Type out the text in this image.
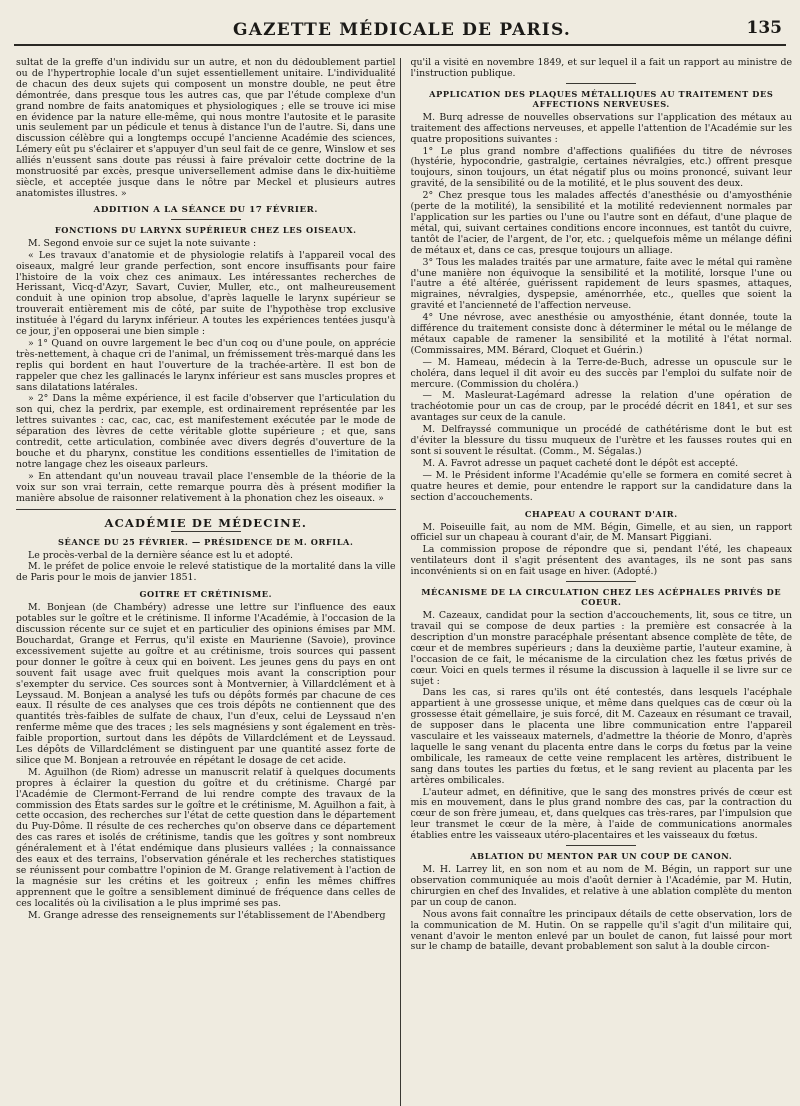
GAZETTE MÉDICALE DE PARIS.	135

sultat de la greffe d'un individu sur un autre, et non du dédoublement partiel ou de l'hypertrophie locale d'un sujet essentiellement unitaire. L'individualité de chacun des deux sujets qui composent un monstre double, ne peut être démontrée, dans presque tous les autres cas, que par l'étude complexe d'un grand nombre de faits anatomiques et physiologiques ; elle se trouve ici mise en évidence par la nature elle-même, qui nous montre l'autosite et le parasite unis seulement par un pédicule et tenus à distance l'un de l'autre. Si, dans une discussion célèbre qui a longtemps occupé l'ancienne Académie des sciences, Lémery eût pu s'éclairer et s'appuyer d'un seul fait de ce genre, Winslow et ses alliés n'eussent sans doute pas réussi à faire prévaloir cette doctrine de la monstruosité par excès, presque universellement admise dans le dix-huitième siècle, et acceptée jusque dans le nôtre par Meckel et plusieurs autres anatomistes illustres. »

ADDITION A LA SÉANCE DU 17 FÉVRIER.
FONCTIONS DU LARYNX SUPÉRIEUR CHEZ LES OISEAUX.

M. Segond envoie sur ce sujet la note suivante :

« Les travaux d'anatomie et de physiologie relatifs à l'appareil vocal des oiseaux, malgré leur grande perfection, sont encore insuffisants pour faire l'histoire de la voix chez ces animaux. Les intéressantes recherches de Herissant, Vicq-d'Azyr, Savart, Cuvier, Muller, etc., ont malheureusement conduit à une opinion trop absolue, d'après laquelle le larynx supérieur se trouverait entièrement mis de côté, par suite de l'hypothèse trop exclusive instituée à l'égard du larynx inférieur. A toutes les expériences tentées jusqu'à ce jour, j'en opposerai une bien simple :

» 1° Quand on ouvre largement le bec d'un coq ou d'une poule, on apprécie très-nettement, à chaque cri de l'animal, un frémissement très-marqué dans les replis qui bordent en haut l'ouverture de la trachée-artère. Il est bon de rappeler que chez les gallinacés le larynx inférieur est sans muscles propres et sans dilatations latérales.

» 2° Dans la même expérience, il est facile d'observer que l'articulation du son qui, chez la perdrix, par exemple, est ordinairement représentée par les lettres suivantes : cac, cac, cac, est manifestement exécutée par le mode de séparation des lèvres de cette véritable glotte supérieure ; et que, sans contredit, cette articulation, combinée avec divers degrés d'ouverture de la bouche et du pharynx, constitue les conditions essentielles de l'imitation de notre langage chez les oiseaux parleurs.

» En attendant qu'un nouveau travail place l'ensemble de la théorie de la voix sur son vrai terrain, cette remarque pourra dès à présent modifier la manière absolue de raisonner relativement à la phonation chez les oiseaux. »

ACADÉMIE DE MÉDECINE.
SÉANCE DU 25 FÉVRIER. — PRÉSIDENCE DE M. ORFILA.

Le procès-verbal de la dernière séance est lu et adopté.

M. le préfet de police envoie le relevé statistique de la mortalité dans la ville de Paris pour le mois de janvier 1851.

GOITRE ET CRÉTINISME.

M. Bonjean (de Chambéry) adresse une lettre sur l'influence des eaux potables sur le goître et le crétinisme. Il informe l'Académie, à l'occasion de la discussion récente sur ce sujet et en particulier des opinions émises par MM. Bouchardat, Grange et Ferrus, qu'il existe en Maurienne (Savoie), province excessivement sujette au goître et au crétinisme, trois sources qui passent pour donner le goître à ceux qui en boivent. Les jeunes gens du pays en ont souvent fait usage avec fruit quelques mois avant la conscription pour s'exempter du service. Ces sources sont à Montvernier, à Villardclément et à Leyssaud. M. Bonjean a analysé les tufs ou dépôts formés par chacune de ces eaux. Il résulte de ces analyses que ces trois dépôts ne contiennent que des quantités très-faibles de sulfate de chaux, l'un d'eux, celui de Leyssaud n'en renferme même que des traces ; les sels magnésiens y sont également en très-faible proportion, surtout dans les dépôts de Villardclément et de Leyssaud. Les dépôts de Villardclément se distinguent par une quantité assez forte de silice que M. Bonjean a retrouvée en répétant le dosage de cet acide.

M. Aguilhon (de Riom) adresse un manuscrit relatif à quelques documents propres à éclairer la question du goître et du crétinisme. Chargé par l'Académie de Clermont-Ferrand de lui rendre compte des travaux de la commission des États sardes sur le goître et le crétinisme, M. Aguilhon a fait, à cette occasion, des recherches sur l'état de cette question dans le département du Puy-Dôme. Il résulte de ces recherches qu'on observe dans ce département des cas rares et isolés de crétinisme, tandis que les goîtres y sont nombreux généralement et à l'état endémique dans plusieurs vallées ; la connaissance des eaux et des terrains, l'observation générale et les recherches statistiques se réunissent pour combattre l'opinion de M. Grange relativement à l'action de la magnésie sur les crétins et les goitreux ; enfin les mêmes chiffres apprennent que le goître a sensiblement diminué de fréquence dans celles de ces localités où la civilisation a le plus imprimé ses pas.

M. Grange adresse des renseignements sur l'établissement de l'Abendberg

qu'il a visité en novembre 1849, et sur lequel il a fait un rapport au ministre de l'instruction publique.

APPLICATION DES PLAQUES MÉTALLIQUES AU TRAITEMENT DES AFFECTIONS NERVEUSES.

M. Burq adresse de nouvelles observations sur l'application des métaux au traitement des affections nerveuses, et appelle l'attention de l'Académie sur les quatre propositions suivantes :

1° Le plus grand nombre d'affections qualifiées du titre de névroses (hystérie, hypocondrie, gastralgie, certaines névralgies, etc.) offrent presque toujours, sinon toujours, un état négatif plus ou moins prononcé, suivant leur gravité, de la sensibilité ou de la motilité, et le plus souvent des deux.

2° Chez presque tous les malades affectés d'anesthésie ou d'amyosthénie (perte de la motilité), la sensibilité et la motilité redeviennent normales par l'application sur les parties ou l'une ou l'autre sont en défaut, d'une plaque de métal, qui, suivant certaines conditions encore inconnues, est tantôt du cuivre, tantôt de l'acier, de l'argent, de l'or, etc. ; quelquefois même un mélange défini de métaux et, dans ce cas, presque toujours un alliage.

3° Tous les malades traités par une armature, faite avec le métal qui ramène d'une manière non équivoque la sensibilité et la motilité, lorsque l'une ou l'autre a été altérée, guérissent rapidement de leurs spasmes, attaques, migraines, névralgies, dyspepsie, aménorrhée, etc., quelles que soient la gravité et l'ancienneté de l'affection nerveuse.

4° Une névrose, avec anesthésie ou amyosthénie, étant donnée, toute la différence du traitement consiste donc à déterminer le métal ou le mélange de métaux capable de ramener la sensibilité et la motilité à l'état normal. (Commissaires, MM. Bérard, Cloquet et Guérin.)

— M. Hameau, médecin à la Terre-de-Buch, adresse un opuscule sur le choléra, dans lequel il dit avoir eu des succès par l'emploi du sulfate noir de mercure. (Commission du choléra.)

— M. Masleurat-Lagémard adresse la relation d'une opération de trachéotomie pour un cas de croup, par le procédé décrit en 1841, et sur ses avantages sur ceux de la canule.

M. Delfrayssé communique un procédé de cathétérisme dont le but est d'éviter la blessure du tissu muqueux de l'urètre et les fausses routes qui en sont si souvent le résultat. (Comm., M. Ségalas.)

M. A. Favrot adresse un paquet cacheté dont le dépôt est accepté.

— M. le Président informe l'Académie qu'elle se formera en comité secret à quatre heures et demie, pour entendre le rapport sur la candidature dans la section d'accouchements.

CHAPEAU A COURANT D'AIR.

M. Poiseuille fait, au nom de MM. Bégin, Gimelle, et au sien, un rapport officiel sur un chapeau à courant d'air, de M. Mansart Piggiani.

La commission propose de répondre que si, pendant l'été, les chapeaux ventilateurs dont il s'agit présentent des avantages, ils ne sont pas sans inconvénients si on en fait usage en hiver. (Adopté.)

MÉCANISME DE LA CIRCULATION CHEZ LES ACÉPHALES PRIVÉS DE COEUR.

M. Cazeaux, candidat pour la section d'accouchements, lit, sous ce titre, un travail qui se compose de deux parties : la première est consacrée à la description d'un monstre paracéphale présentant absence complète de tête, de cœur et de membres supérieurs ; dans la deuxième partie, l'auteur examine, à l'occasion de ce fait, le mécanisme de la circulation chez les fœtus privés de cœur. Voici en quels termes il résume la discussion à laquelle il se livre sur ce sujet :

Dans les cas, si rares qu'ils ont été contestés, dans lesquels l'acéphale appartient à une grossesse unique, et même dans quelques cas de cœur où la grossesse était gémellaire, je suis forcé, dit M. Cazeaux en résumant ce travail, de supposer dans le placenta une libre communication entre l'appareil vasculaire et les vaisseaux maternels, d'admettre la théorie de Monro, d'après laquelle le sang venant du placenta entre dans le corps du fœtus par la veine ombilicale, les rameaux de cette veine remplacent les artères, distribuent le sang dans toutes les parties du fœtus, et le sang revient au placenta par les artères ombilicales.

L'auteur admet, en définitive, que le sang des monstres privés de cœur est mis en mouvement, dans le plus grand nombre des cas, par la contraction du cœur de son frère jumeau, et, dans quelques cas très-rares, par l'impulsion que leur transmet le cœur de la mère, à l'aide de communications anormales établies entre les vaisseaux utéro-placentaires et les vaisseaux du fœtus.

ABLATION DU MENTON PAR UN COUP DE CANON.

M. H. Larrey lit, en son nom et au nom de M. Bégin, un rapport sur une observation communiquée au mois d'août dernier à l'Académie, par M. Hutin, chirurgien en chef des Invalides, et relative à une ablation complète du menton par un coup de canon.

Nous avons fait connaître les principaux détails de cette observation, lors de la communication de M. Hutin. On se rappelle qu'il s'agit d'un militaire qui, venant d'avoir le menton enlevé par un boulet de canon, fut laissé pour mort sur le champ de bataille, devant probablement son salut à la double circon-
